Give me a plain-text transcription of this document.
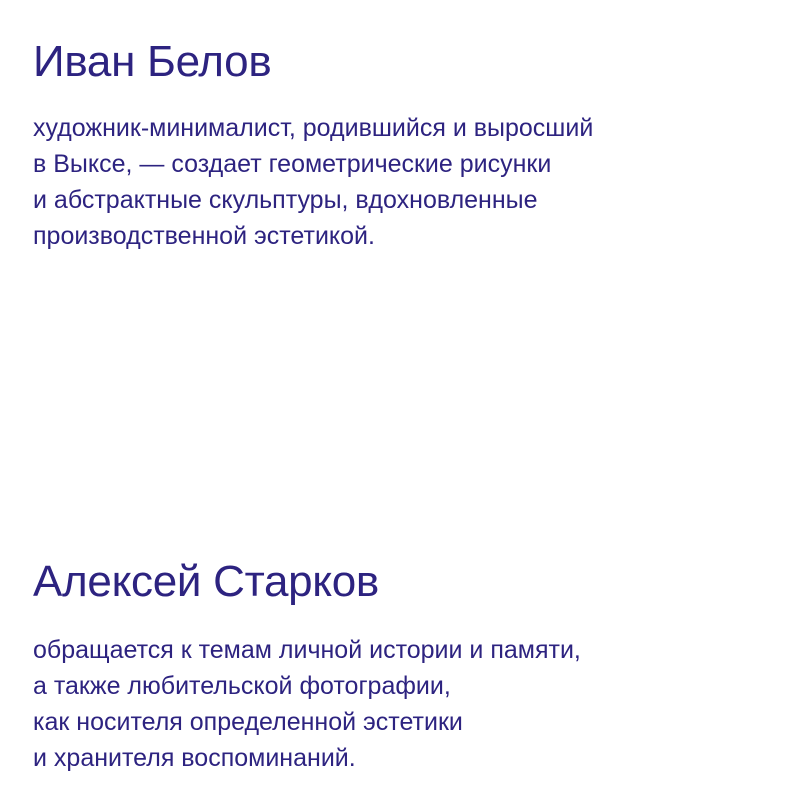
Иван Белов

художник-минималист, родившийся и выросший
в Выксе, — создает геометрические рисунки
и абстрактные скульптуры, вдохновленные
производственной эстетикой.

Алексей Старков

обращается к темам личной истории и памяти,
а также любительской фотографии,
как носителя определенной эстетики
и хранителя воспоминаний.
